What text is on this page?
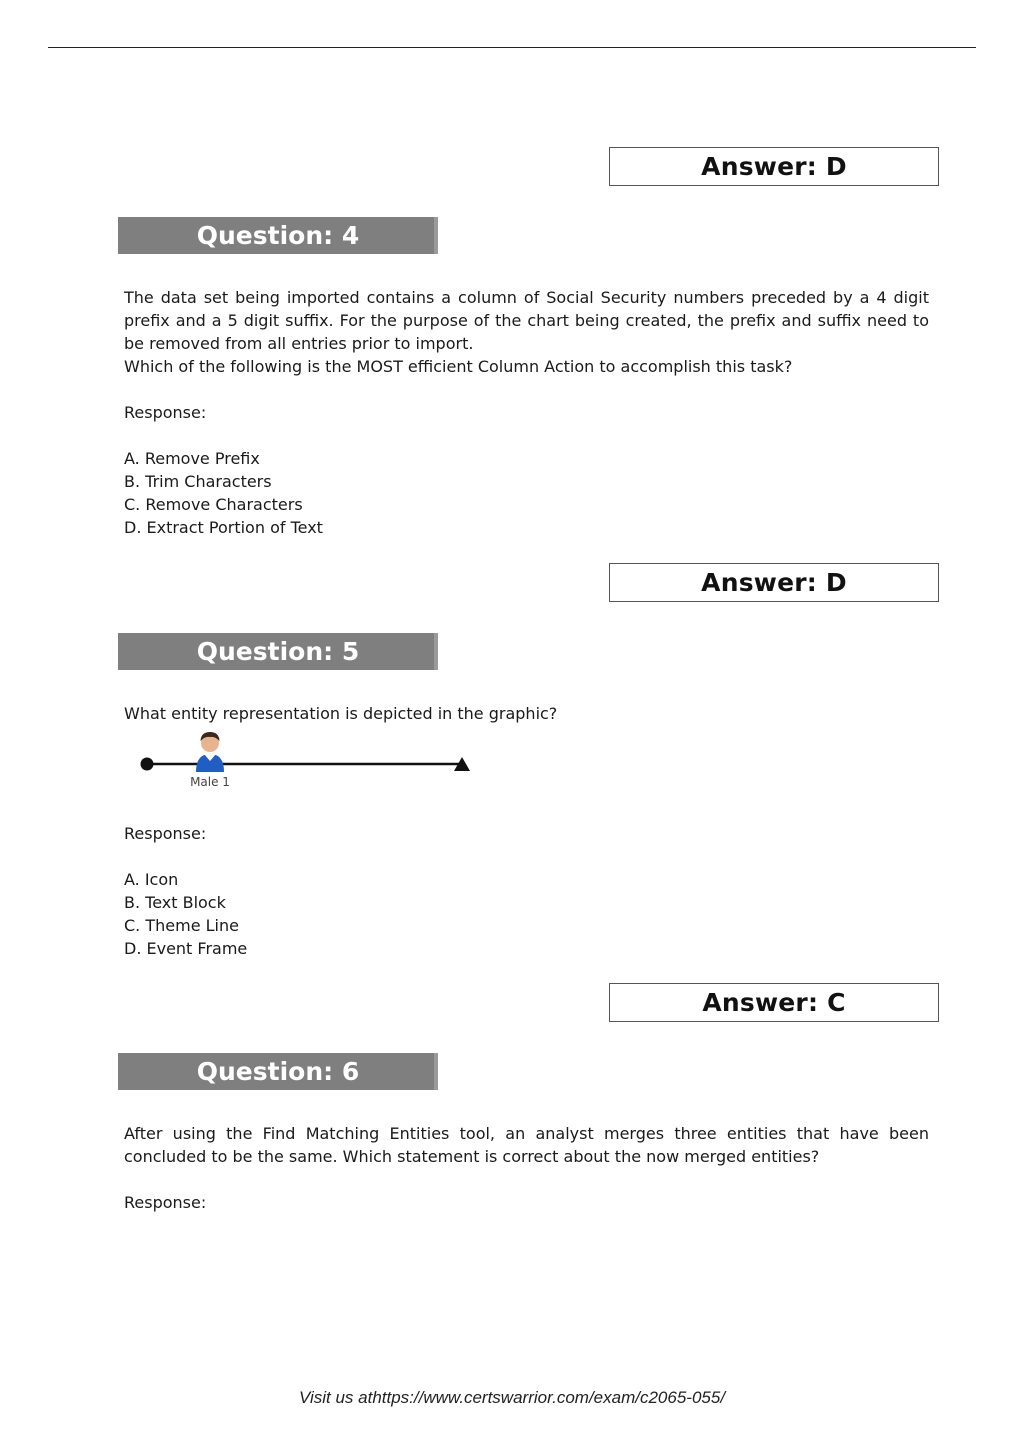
Answer: D
Question: 4
The data set being imported contains a column of Social Security numbers preceded by a 4 digit prefix and a 5 digit suffix. For the purpose of the chart being created, the prefix and suffix need to be removed from all entries prior to import.
Which of the following is the MOST efficient Column Action to accomplish this task?
Response:
A. Remove Prefix
B. Trim Characters
C. Remove Characters
D. Extract Portion of Text
Answer: D
Question: 5
What entity representation is depicted in the graphic?
Male 1
Response:
A. Icon
B. Text Block
C. Theme Line
D. Event Frame
Answer: C
Question: 6
After using the Find Matching Entities tool, an analyst merges three entities that have been concluded to be the same. Which statement is correct about the now merged entities?
Response:
Visit us athttps://www.certswarrior.com/exam/c2065-055/
